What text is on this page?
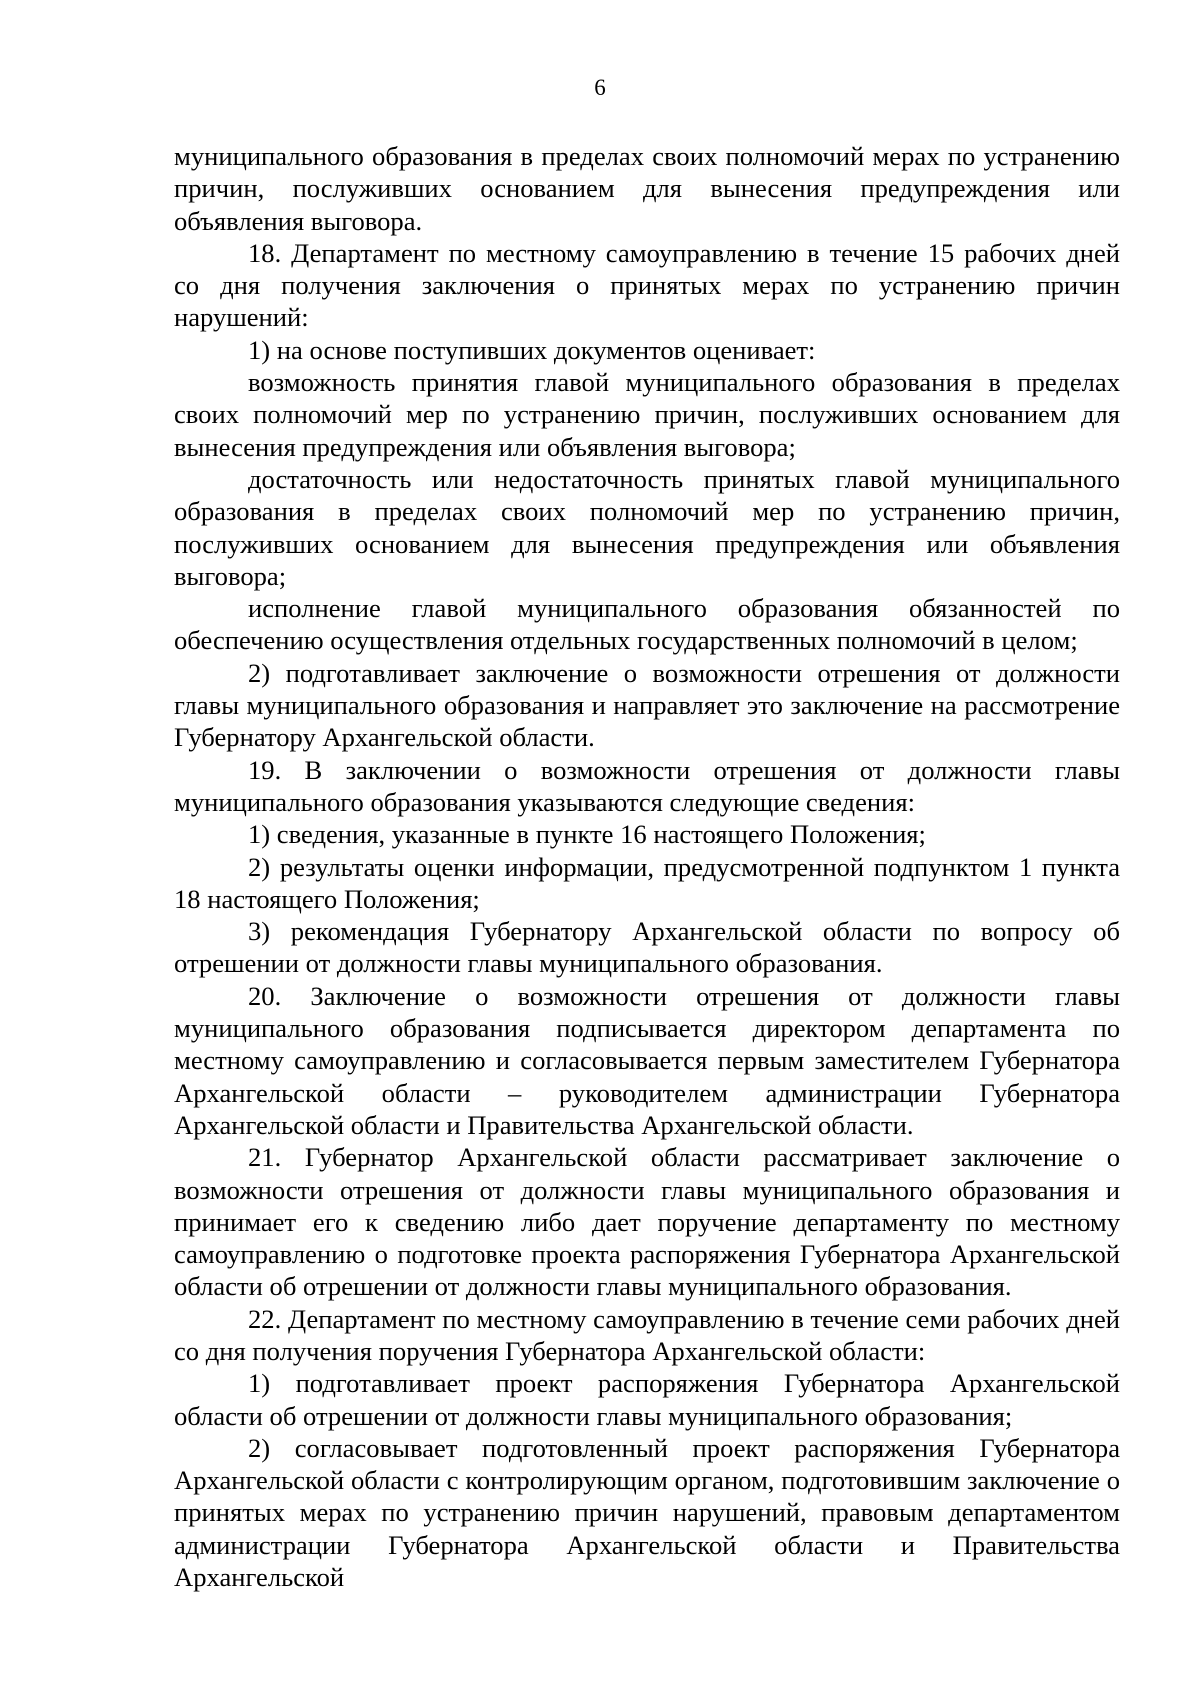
6

муниципального образования в пределах своих полномочий мерах по устранению причин, послуживших основанием для вынесения предупреждения или объявления выговора.

18. Департамент по местному самоуправлению в течение 15 рабочих дней со дня получения заключения о принятых мерах по устранению причин нарушений:

1) на основе поступивших документов оценивает:

возможность принятия главой муниципального образования в пределах своих полномочий мер по устранению причин, послуживших основанием для вынесения предупреждения или объявления выговора;

достаточность или недостаточность принятых главой муниципального образования в пределах своих полномочий мер по устранению причин, послуживших основанием для вынесения предупреждения или объявления выговора;

исполнение главой муниципального образования обязанностей по обеспечению осуществления отдельных государственных полномочий в целом;

2) подготавливает заключение о возможности отрешения от должности главы муниципального образования и направляет это заключение на рассмотрение Губернатору Архангельской области.

19. В заключении о возможности отрешения от должности главы муниципального образования указываются следующие сведения:

1) сведения, указанные в пункте 16 настоящего Положения;

2) результаты оценки информации, предусмотренной подпунктом 1 пункта 18 настоящего Положения;

3) рекомендация Губернатору Архангельской области по вопросу об отрешении от должности главы муниципального образования.

20. Заключение о возможности отрешения от должности главы муниципального образования подписывается директором департамента по местному самоуправлению и согласовывается первым заместителем Губернатора Архангельской области – руководителем администрации Губернатора Архангельской области и Правительства Архангельской области.

21. Губернатор Архангельской области рассматривает заключение о возможности отрешения от должности главы муниципального образования и принимает его к сведению либо дает поручение департаменту по местному самоуправлению о подготовке проекта распоряжения Губернатора Архангельской области об отрешении от должности главы муниципального образования.

22. Департамент по местному самоуправлению в течение семи рабочих дней со дня получения поручения Губернатора Архангельской области:

1) подготавливает проект распоряжения Губернатора Архангельской области об отрешении от должности главы муниципального образования;

2) согласовывает подготовленный проект распоряжения Губернатора Архангельской области с контролирующим органом, подготовившим заключение о принятых мерах по устранению причин нарушений, правовым департаментом администрации Губернатора Архангельской области и Правительства Архангельской
